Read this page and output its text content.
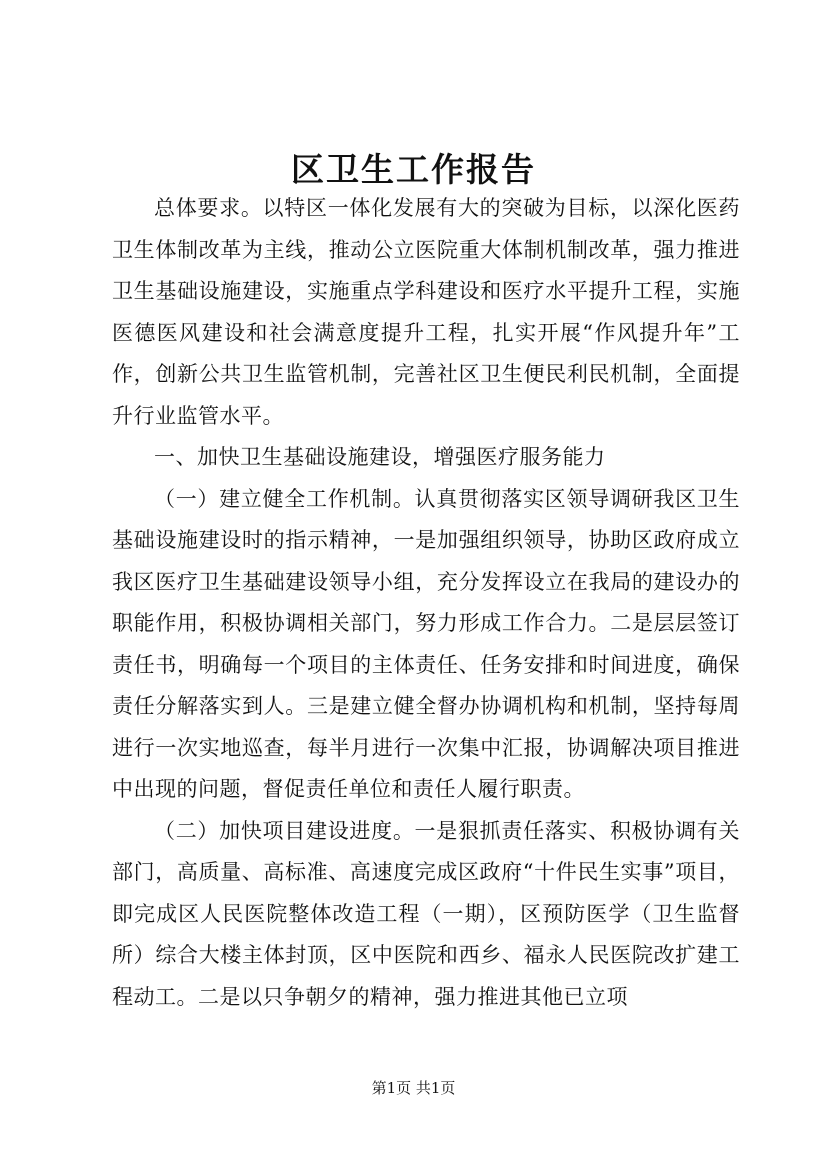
区卫生工作报告

总体要求。以特区一体化发展有大的突破为目标，以深化医药卫生体制改革为主线，推动公立医院重大体制机制改革，强力推进卫生基础设施建设，实施重点学科建设和医疗水平提升工程，实施医德医风建设和社会满意度提升工程，扎实开展“作风提升年”工作，创新公共卫生监管机制，完善社区卫生便民利民机制，全面提升行业监管水平。

一、加快卫生基础设施建设，增强医疗服务能力

（一）建立健全工作机制。认真贯彻落实区领导调研我区卫生基础设施建设时的指示精神，一是加强组织领导，协助区政府成立我区医疗卫生基础建设领导小组，充分发挥设立在我局的建设办的职能作用，积极协调相关部门，努力形成工作合力。二是层层签订责任书，明确每一个项目的主体责任、任务安排和时间进度，确保责任分解落实到人。三是建立健全督办协调机构和机制，坚持每周进行一次实地巡查，每半月进行一次集中汇报，协调解决项目推进中出现的问题，督促责任单位和责任人履行职责。

（二）加快项目建设进度。一是狠抓责任落实、积极协调有关部门，高质量、高标准、高速度完成区政府“十件民生实事”项目，即完成区人民医院整体改造工程（一期），区预防医学（卫生监督所）综合大楼主体封顶，区中医院和西乡、福永人民医院改扩建工程动工。二是以只争朝夕的精神，强力推进其他已立项

第1页 共1页
